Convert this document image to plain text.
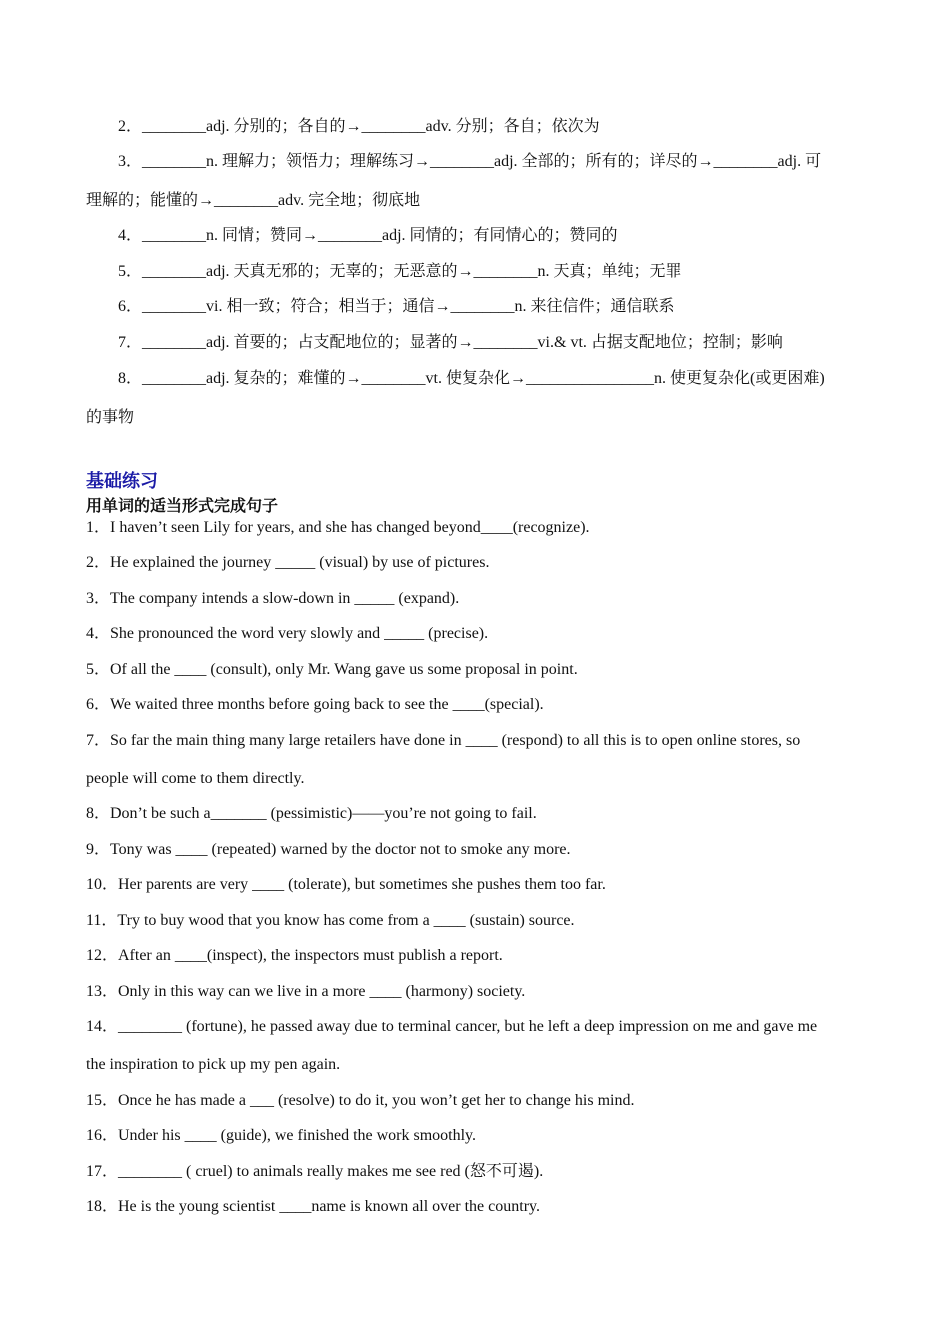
2．________adj. 分别的；各自的→________adv. 分别；各自；依次为
3．________n. 理解力；领悟力；理解练习→________adj. 全部的；所有的；详尽的→________adj. 可
理解的；能懂的→________adv. 完全地；彻底地
4．________n. 同情；赞同→________adj. 同情的；有同情心的；赞同的
5．________adj. 天真无邪的；无辜的；无恶意的→________n. 天真；单纯；无罪
6．________vi. 相一致；符合；相当于；通信→________n. 来往信件；通信联系
7．________adj. 首要的；占支配地位的；显著的→________vi.& vt. 占据支配地位；控制；影响
8．________adj. 复杂的；难懂的→________vt. 使复杂化→________________n. 使更复杂化(或更困难)
的事物
基础练习
用单词的适当形式完成句子
1．I haven’t seen Lily for years, and she has changed beyond____(recognize).
2．He explained the journey _____ (visual) by use of pictures.
3．The company intends a slow-down in _____ (expand).
4．She pronounced the word very slowly and _____ (precise).
5．Of all the ____ (consult), only Mr. Wang gave us some proposal in point.
6．We waited three months before going back to see the ____(special).
7．So far the main thing many large retailers have done in ____ (respond) to all this is to open online stores, so
people will come to them directly.
8．Don’t be such a_______ (pessimistic)——you’re not going to fail.
9．Tony was ____ (repeated) warned by the doctor not to smoke any more.
10．Her parents are very ____ (tolerate), but sometimes she pushes them too far.
11．Try to buy wood that you know has come from a ____ (sustain) source.
12．After an ____(inspect), the inspectors must publish a report.
13．Only in this way can we live in a more ____ (harmony) society.
14．________ (fortune), he passed away due to terminal cancer, but he left a deep impression on me and gave me
the inspiration to pick up my pen again.
15．Once he has made a ___ (resolve) to do it, you won’t get her to change his mind.
16．Under his ____ (guide), we finished the work smoothly.
17．________ ( cruel) to animals really makes me see red (怒不可遏).
18．He is the young scientist ____name is known all over the country.
